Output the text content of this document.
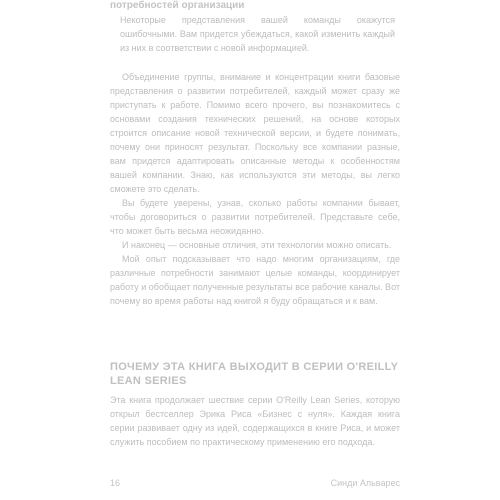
потребностей организации

Некоторые представления вашей команды окажутся ошибочными. Вам придется убеждаться, какой изменить каждый из них в соответствии с новой информацией.

Объединение группы, внимание и концентрации книги базовые представления о развитии потребителей, каждый может сразу же приступать к работе. Помимо всего прочего, вы познакомитесь с основами создания технических решений, на основе которых строится описание новой технической версии, и будете понимать, почему они приносят результат. Поскольку все компании разные, вам придется адаптировать описанные методы к особенностям вашей компании. Знаю, как используются эти методы, вы легко сможете это сделать.

Вы будете уверены, узнав, сколько работы компании бывает, чтобы договориться о развитии потребителей. Представьте себе, что может быть весьма неожиданно.

И наконец — основные отличия, эти технологии можно описать.

Мой опыт подсказывает что надо многим организациям, где различные потребности занимают целые команды, координирует работу и обобщает полученные результаты все рабочие каналы. Вот почему во время работы над книгой я буду обращаться и к вам.

ПОЧЕМУ ЭТА КНИГА ВЫХОДИТ В СЕРИИ О'REILLY LEAN SERIES

Эта книга продолжает шествие серии O'Reilly Lean Series, которую открыл бестселлер Эрика Риса «Бизнес с нуля». Каждая книга серии развивает одну из идей, содержащихся в книге Риса, и может служить пособием по практическому применению его подхода.

16	Синди Альварес
